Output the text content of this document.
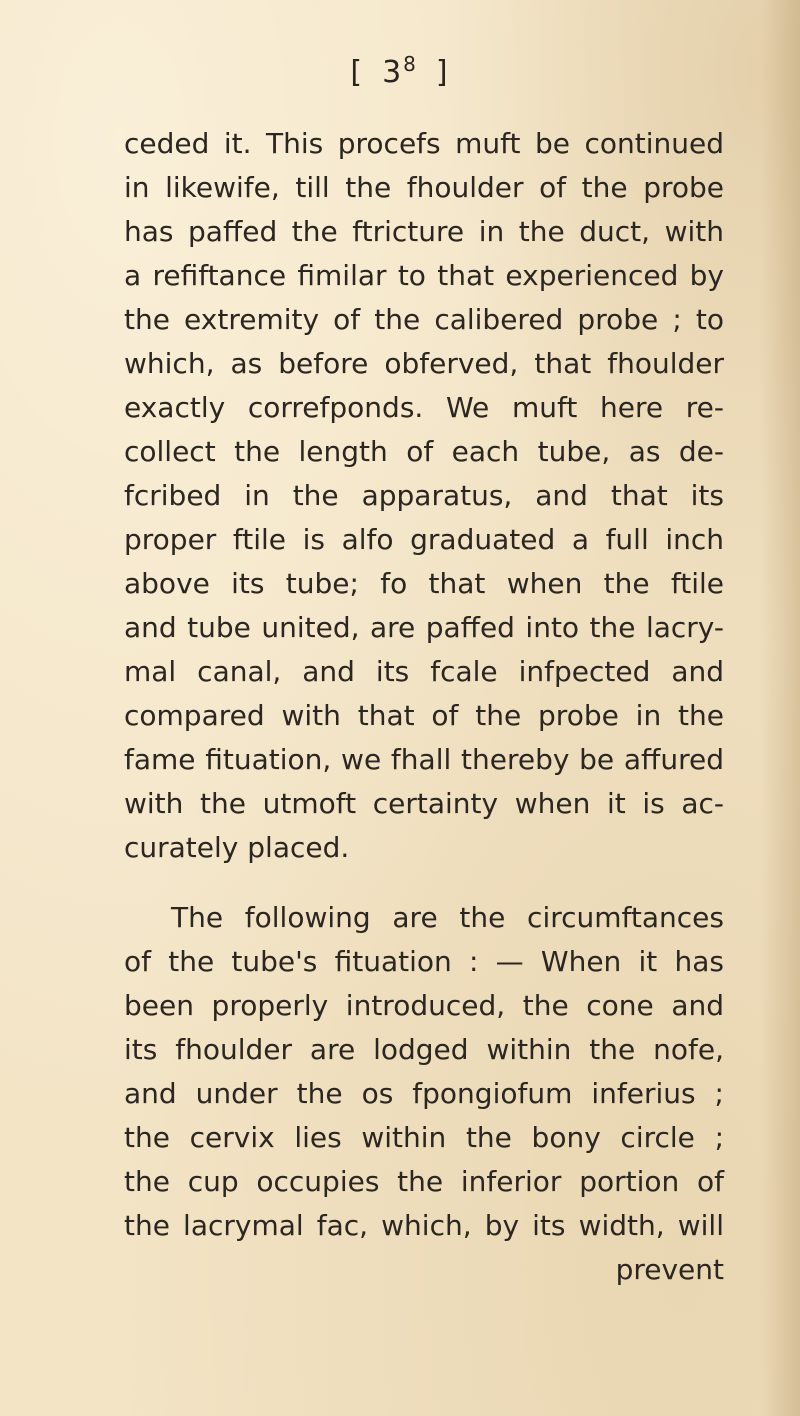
[ $3^8$ ]
ceded it. This procefs muft be continued
in likewife, till the fhoulder of the probe
has paffed the ftricture in the duct, with
a refiftance fimilar to that experienced by
the extremity of the calibered probe ; to
which, as before obferved, that fhoulder
exactly correfponds. We muft here re-
collect the length of each tube, as de-
fcribed in the apparatus, and that its
proper ftile is alfo graduated a full inch
above its tube; fo that when the ftile
and tube united, are paffed into the lacry-
mal canal, and its fcale infpected and
compared with that of the probe in the
fame fituation, we fhall thereby be affured
with the utmoft certainty when it is ac-
curately placed.
The following are the circumftances
of the tube's fituation : — When it has
been properly introduced, the cone and
its fhoulder are lodged within the nofe,
and under the os fpongiofum inferius ;
the cervix lies within the bony circle ;
the cup occupies the inferior portion of
the lacrymal fac, which, by its width, will
prevent
